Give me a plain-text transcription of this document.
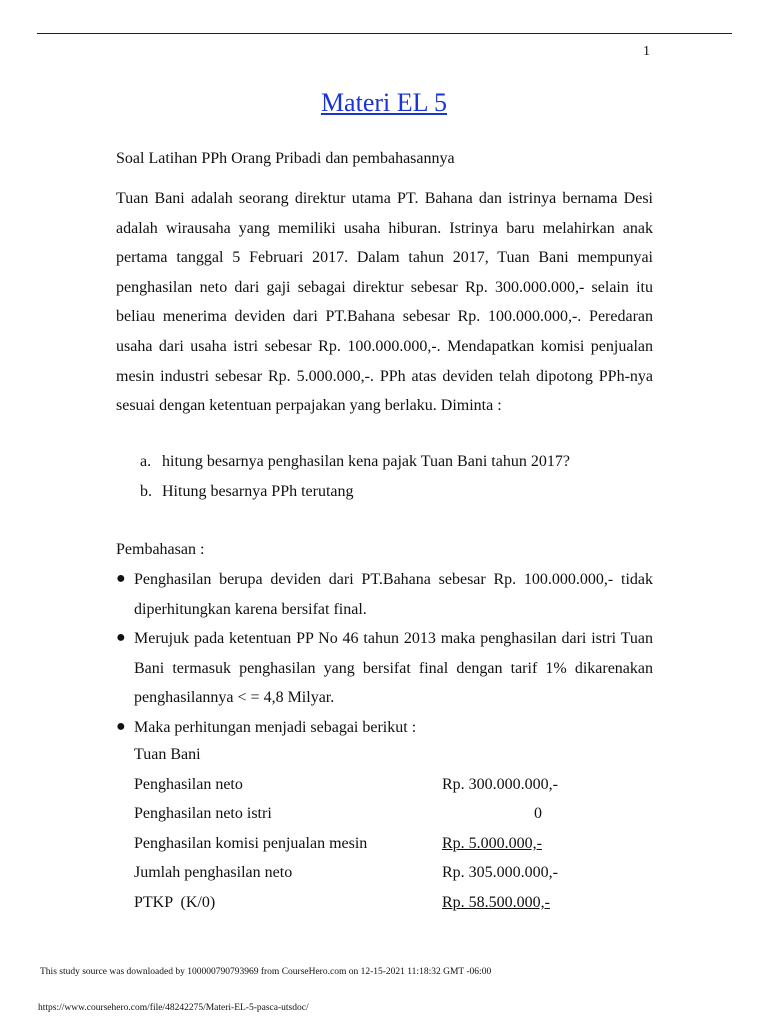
1
Materi EL 5
Soal Latihan PPh Orang Pribadi dan pembahasannya

Tuan Bani adalah seorang direktur utama PT. Bahana dan istrinya bernama Desi adalah wirausaha yang memiliki usaha hiburan. Istrinya baru melahirkan anak pertama tanggal 5 Februari 2017. Dalam tahun 2017, Tuan Bani mempunyai penghasilan neto dari gaji sebagai direktur sebesar Rp. 300.000.000,- selain itu beliau menerima deviden dari PT.Bahana sebesar Rp. 100.000.000,-. Peredaran usaha dari usaha istri sebesar Rp. 100.000.000,-. Mendapatkan komisi penjualan mesin industri sebesar Rp. 5.000.000,-. PPh atas deviden telah dipotong PPh-nya sesuai dengan ketentuan perpajakan yang berlaku. Diminta :

a. hitung besarnya penghasilan kena pajak Tuan Bani tahun 2017?
b. Hitung besarnya PPh terutang
Pembahasan :
● Penghasilan berupa deviden dari PT.Bahana sebesar Rp. 100.000.000,- tidak diperhitungkan karena bersifat final.

● Merujuk pada ketentuan PP No 46 tahun 2013 maka penghasilan dari istri Tuan Bani termasuk penghasilan yang bersifat final dengan tarif 1% dikarenakan penghasilannya < = 4,8 Milyar.

● Maka perhitungan menjadi sebagai berikut :

Tuan Bani
Penghasilan neto	Rp. 300.000.000,-
Penghasilan neto istri	0
Penghasilan komisi penjualan mesin	Rp. 5.000.000,-
Jumlah penghasilan neto	Rp. 305.000.000,-
PTKP  (K/0)	Rp. 58.500.000,-
This study source was downloaded by 100000790793969 from CourseHero.com on 12-15-2021 11:18:32 GMT -06:00
https://www.coursehero.com/file/48242275/Materi-EL-5-pasca-utsdoc/
